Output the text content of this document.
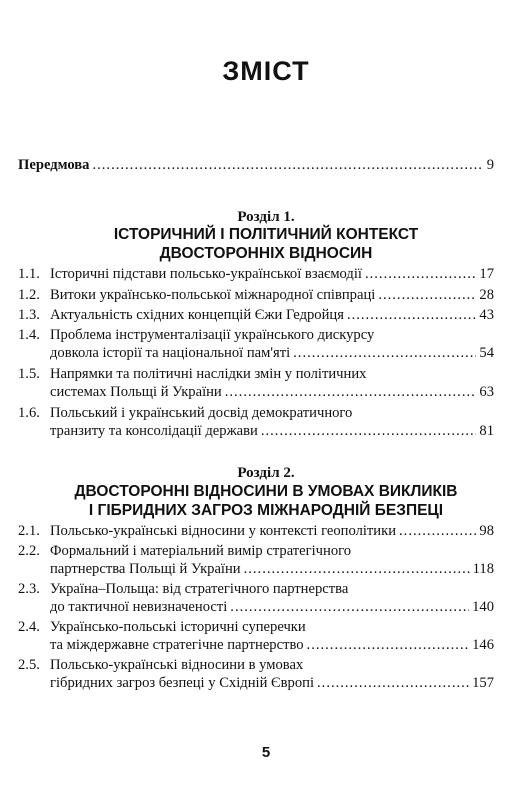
ЗМІСТ
Передмова .....	9
Розділ 1.
ІСТОРИЧНИЙ І ПОЛІТИЧНИЙ КОНТЕКСТ
ДВОСТОРОННІХ ВІДНОСИН
1.1. Історичні підстави польсько-української взаємодії .....	17
1.2. Витоки українсько-польської міжнародної співпраці .....	28
1.3. Актуальність східних концепцій Єжи Гедройця .....	43
1.4. Проблема інструменталізації українського дискурсу
довкола історії та національної пам'яті .....	54
1.5. Напрямки та політичні наслідки змін у політичних
системах Польщі й України .....	63
1.6. Польський і український досвід демократичного
транзиту та консолідації держави .....	81
Розділ 2.
ДВОСТОРОННІ ВІДНОСИНИ В УМОВАХ ВИКЛИКІВ
І ГІБРИДНИХ ЗАГРОЗ МІЖНАРОДНІЙ БЕЗПЕЦІ
2.1. Польсько-українські відносини у контексті геополітики .....	98
2.2. Формальний і матеріальний вимір стратегічного
партнерства Польщі й України .....	118
2.3. Україна–Польща: від стратегічного партнерства
до тактичної невизначеності .....	140
2.4. Українсько-польські історичні суперечки
та міждержавне стратегічне партнерство .....	146
2.5. Польсько-українські відносини в умовах
гібридних загроз безпеці у Східній Європі .....	157
5
